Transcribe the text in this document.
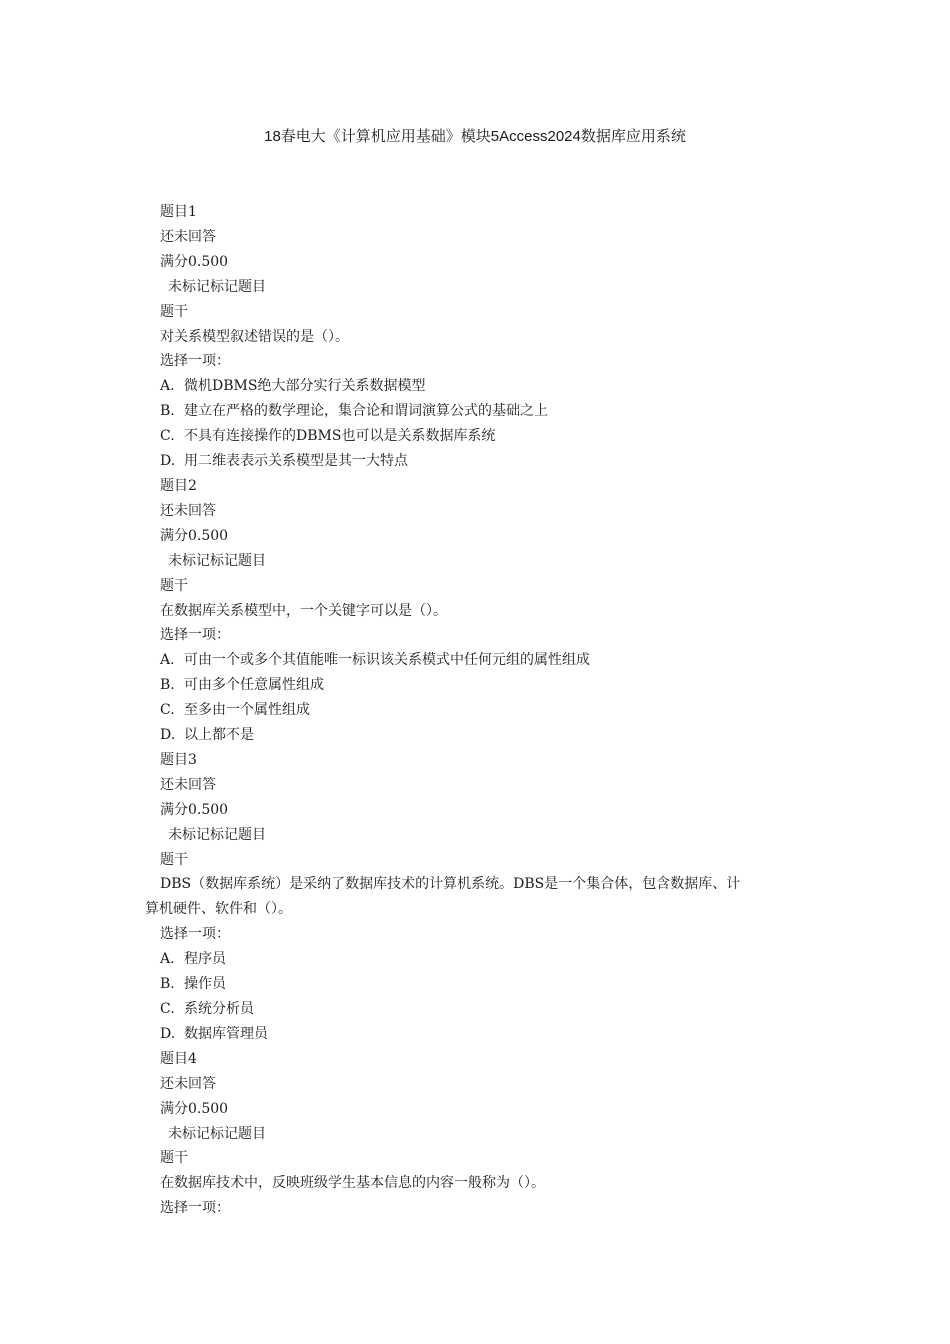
18春电大《计算机应用基础》模块5Access2024数据库应用系统
题目1
还未回答
满分0.500
未标记标记题目
题干
对关系模型叙述错误的是（）。
选择一项：
A. 微机DBMS绝大部分实行关系数据模型
B. 建立在严格的数学理论，集合论和谓词演算公式的基础之上
C. 不具有连接操作的DBMS也可以是关系数据库系统
D. 用二维表表示关系模型是其一大特点
题目2
还未回答
满分0.500
未标记标记题目
题干
在数据库关系模型中，一个关键字可以是（）。
选择一项：
A. 可由一个或多个其值能唯一标识该关系模式中任何元组的属性组成
B. 可由多个任意属性组成
C. 至多由一个属性组成
D. 以上都不是
题目3
还未回答
满分0.500
未标记标记题目
题干
DBS（数据库系统）是采纳了数据库技术的计算机系统。DBS是一个集合体，包含数据库、计
算机硬件、软件和（）。
选择一项：
A. 程序员
B. 操作员
C. 系统分析员
D. 数据库管理员
题目4
还未回答
满分0.500
未标记标记题目
题干
在数据库技术中，反映班级学生基本信息的内容一般称为（）。
选择一项：
